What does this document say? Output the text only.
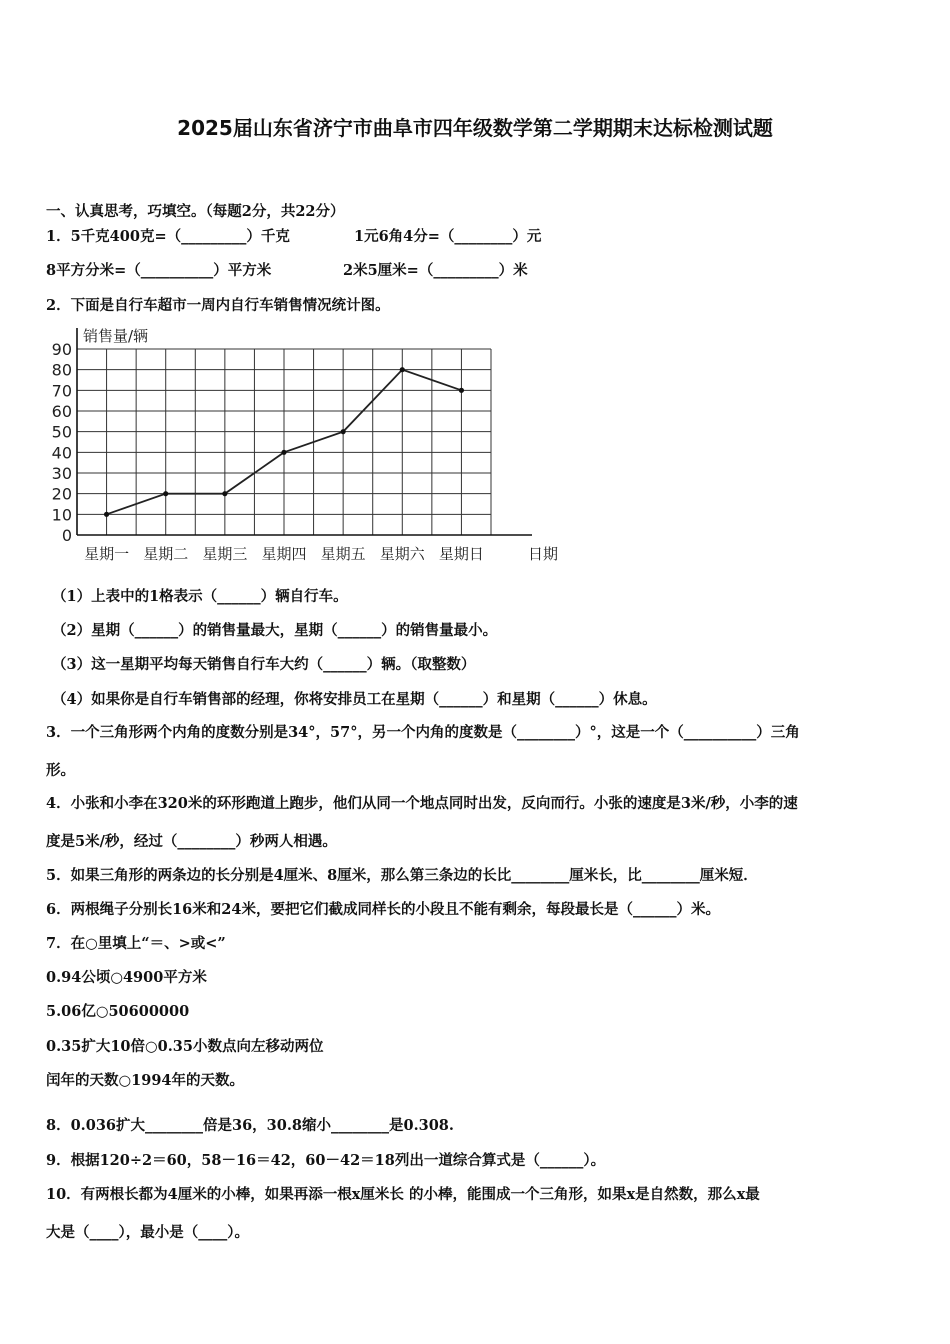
2025届山东省济宁市曲阜市四年级数学第二学期期末达标检测试题
一、认真思考，巧填空。（每题2分，共22分）
1．5千克400克=（_________）千克	1元6角4分=（________）元
8平方分米=（__________）平方米	2米5厘米=（_________）米
2．下面是自行车超市一周内自行车销售情况统计图。
0
10
20
30
40
50
60
70
80
90
星期一 星期二 星期三 星期四 星期五 星期六 星期日
销售量/辆
日期
（1）上表中的1格表示（______）辆自行车。
（2）星期（______）的销售量最大，星期（______）的销售量最小。
（3）这一星期平均每天销售自行车大约（______）辆。（取整数）
（4）如果你是自行车销售部的经理，你将安排员工在星期（______）和星期（______）休息。
3．一个三角形两个内角的度数分别是34°，57°，另一个内角的度数是（________）°，这是一个（__________）三角
形。
4．小张和小李在320米的环形跑道上跑步，他们从同一个地点同时出发，反向而行。小张的速度是3米/秒，小李的速
度是5米/秒，经过（________）秒两人相遇。
5．如果三角形的两条边的长分别是4厘米、8厘米，那么第三条边的长比________厘米长，比________厘米短．
6．两根绳子分别长16米和24米，要把它们截成同样长的小段且不能有剩余，每段最长是（______）米。
7．在○里填上“＝、>或<”
0.94公顷○4900平方米
5.06亿○50600000
0.35扩大10倍○0.35小数点向左移动两位
闰年的天数○1994年的天数。
8．0.036扩大________倍是36，30.8缩小________是0.308.
9．根据120÷2＝60，58－16＝42，60－42＝18列出一道综合算式是（______）。
10．有两根长都为4厘米的小棒，如果再添一根x厘米长 的小棒，能围成一个三角形，如果x是自然数，那么x最
大是（____），最小是（____）。
